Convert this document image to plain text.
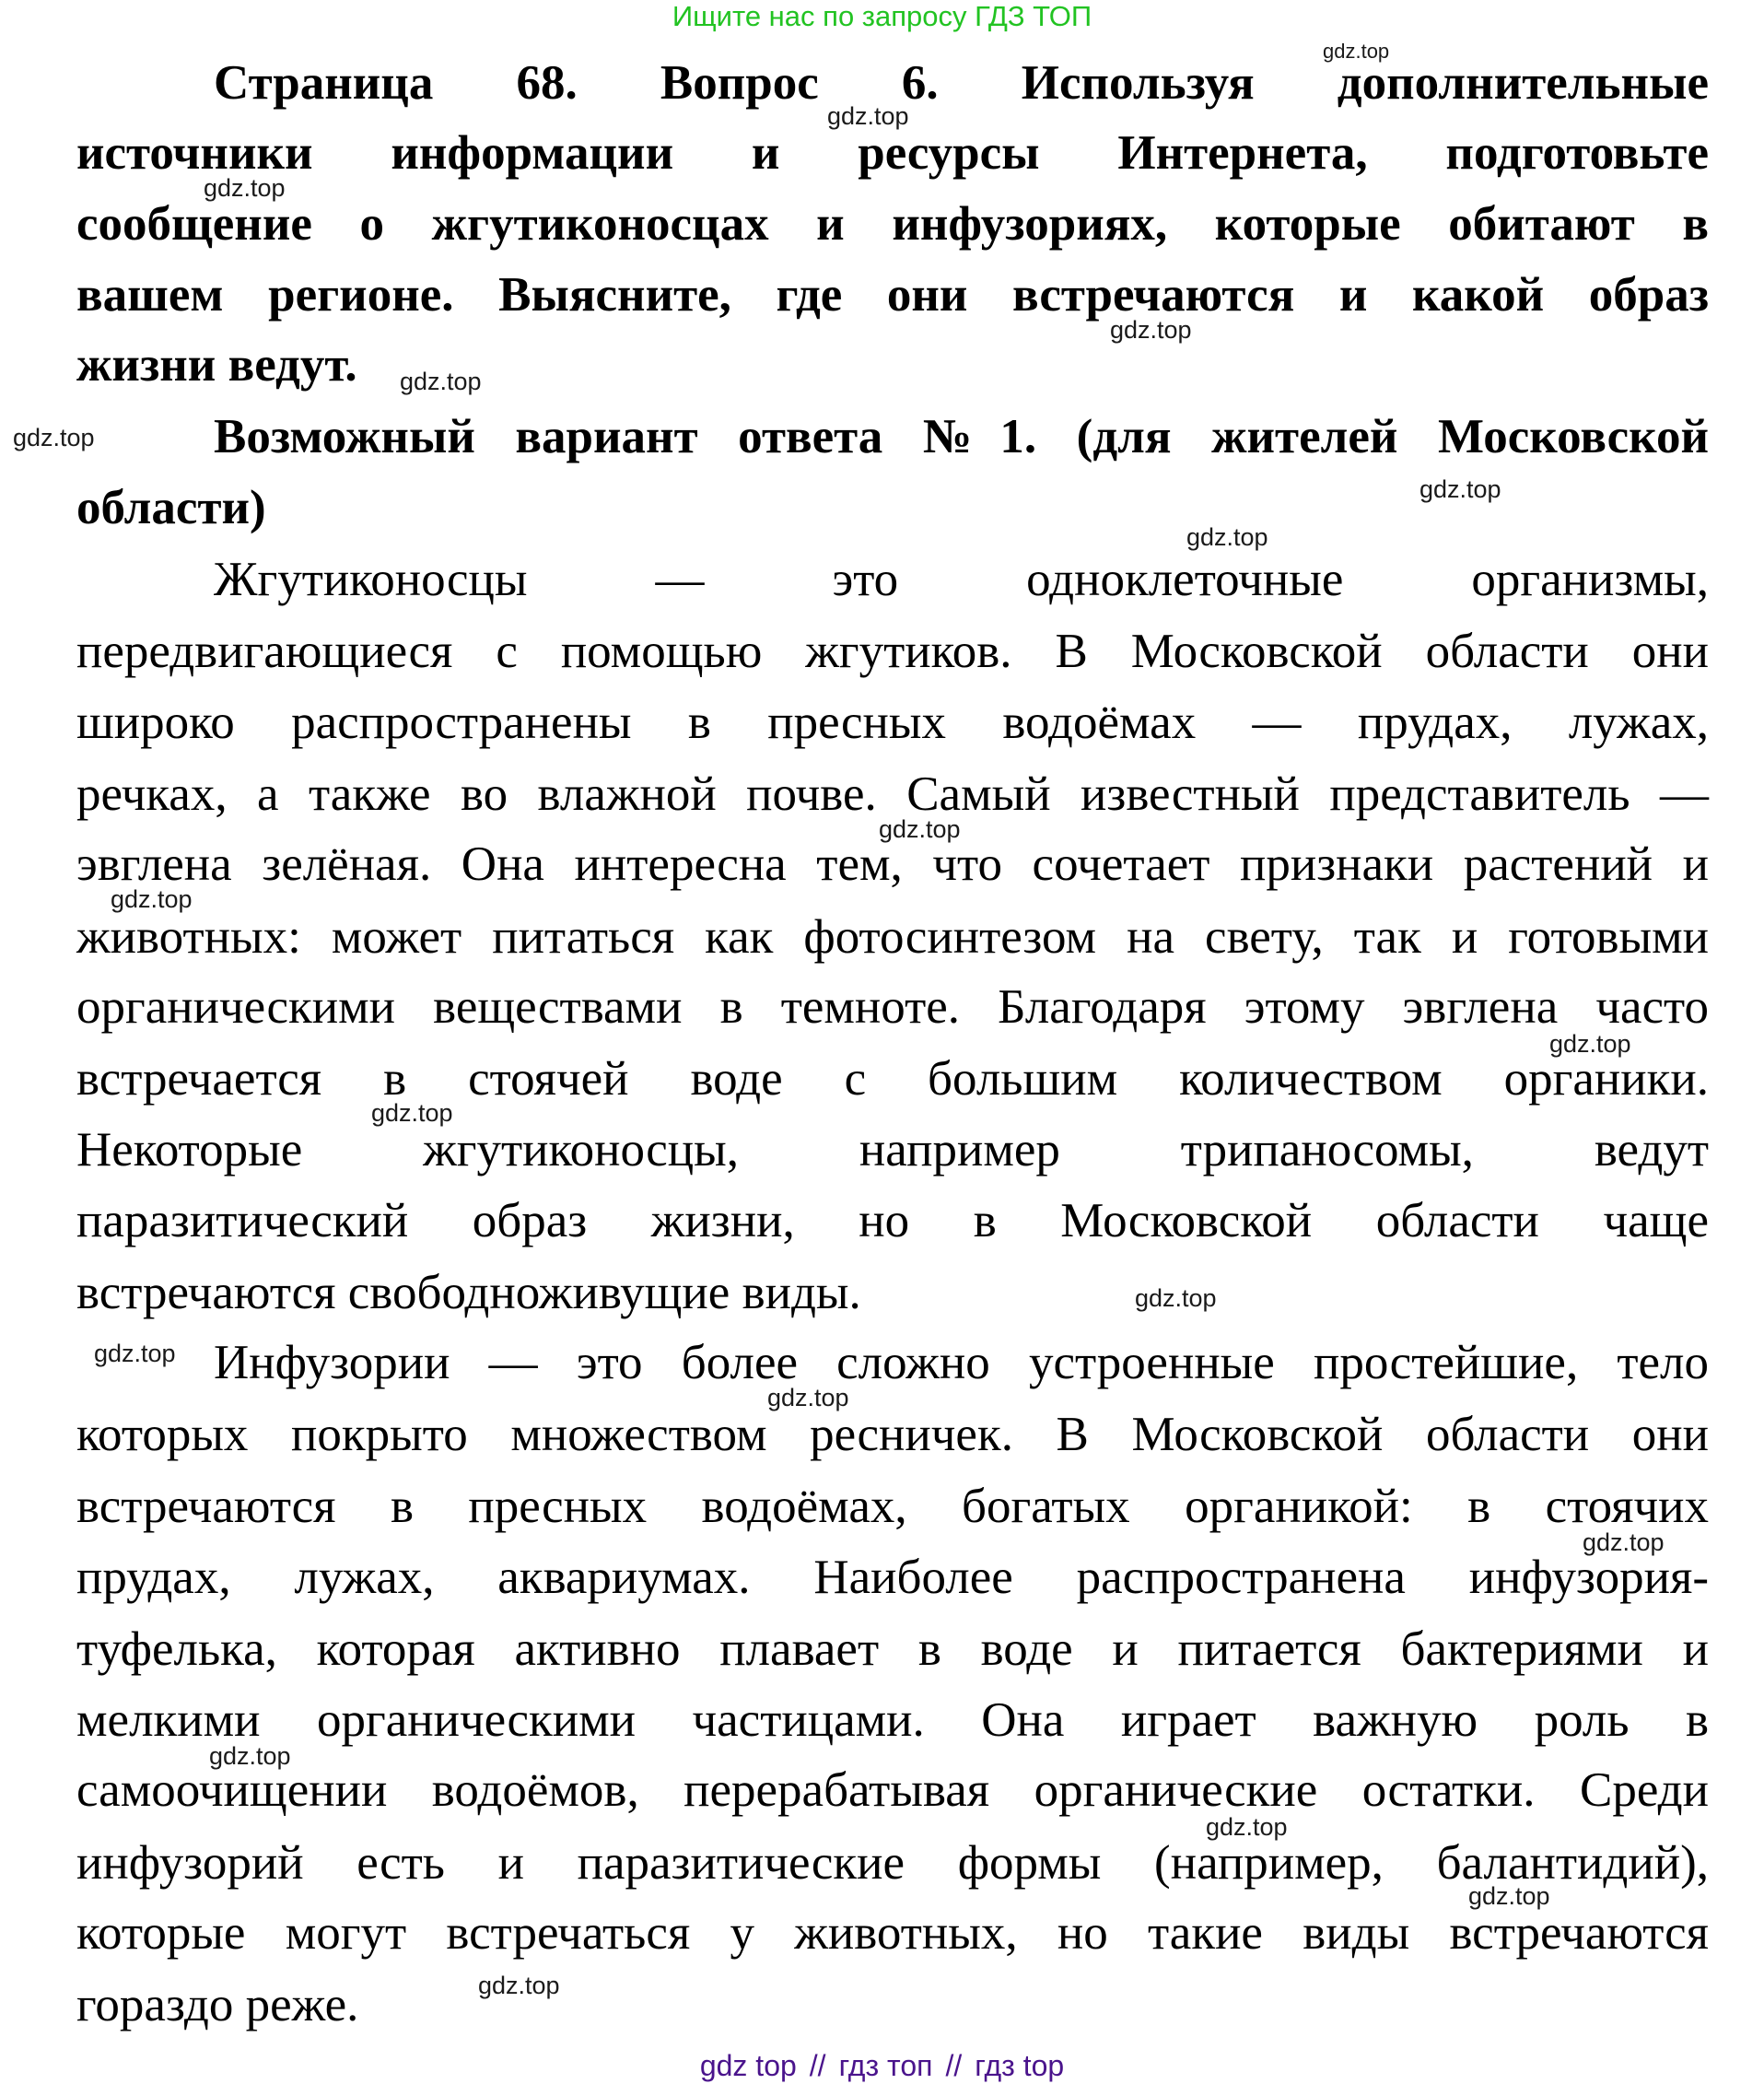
Ищите нас по запросу ГДЗ ТОП
Страница 68. Вопрос 6. Используя дополнительные
источники информации и ресурсы Интернета, подготовьте
сообщение о жгутиконосцах и инфузориях, которые обитают в
вашем регионе. Выясните, где они встречаются и какой образ
жизни ведут.
Возможный вариант ответа №1. (для жителей Московской
области)
Жгутиконосцы — это одноклеточные организмы,
передвигающиеся с помощью жгутиков. В Московской области они
широко распространены в пресных водоёмах — прудах, лужах,
речках, а также во влажной почве. Самый известный представитель —
эвглена зелёная. Она интересна тем, что сочетает признаки растений и
животных: может питаться как фотосинтезом на свету, так и готовыми
органическими веществами в темноте. Благодаря этому эвглена часто
встречается в стоячей воде с большим количеством органики.
Некоторые жгутиконосцы, например трипаносомы, ведут
паразитический образ жизни, но в Московской области чаще
встречаются свободноживущие виды.
Инфузории — это более сложно устроенные простейшие, тело
которых покрыто множеством ресничек. В Московской области они
встречаются в пресных водоёмах, богатых органикой: в стоячих
прудах, лужах, аквариумах. Наиболее распространена инфузория-
туфелька, которая активно плавает в воде и питается бактериями и
мелкими органическими частицами. Она играет важную роль в
самоочищении водоёмов, перерабатывая органические остатки. Среди
инфузорий есть и паразитические формы (например, балантидий),
которые могут встречаться у животных, но такие виды встречаются
гораздо реже.
gdz.top
gdz.top
gdz.top
gdz.top
gdz.top
gdz.top
gdz.top
gdz.top
gdz.top
gdz.top
gdz.top
gdz.top
gdz.top
gdz.top
gdz.top
gdz.top
gdz.top
gdz.top
gdz.top
gdz.top
gdz top // гдз топ // гдз top
